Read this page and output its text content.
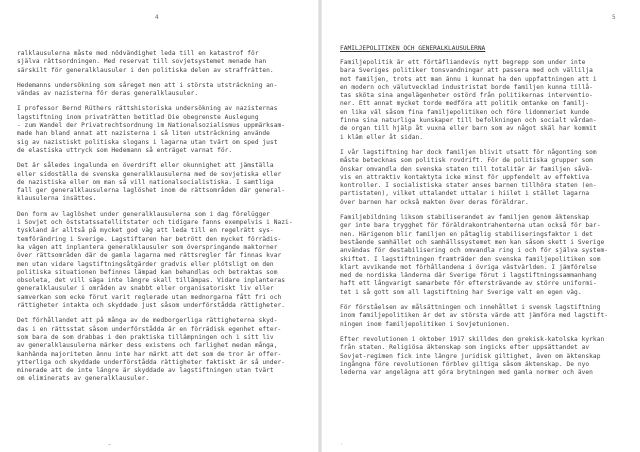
4
ralklausulerna måste med nödvändighet leda till en katastrof för
själva rättsordningen. Med reservat till sovjetsystemet menade han
särskilt för generalklausuler i den politiska delen av straffrätten.
Hedemanns undersökning som såreget men att i största utsträckning an-
vändas av nazisterna för deras generalklausuler.
I professor Bernd Rüthers rättshistoriska undersökning av nazisternas
lagstiftning inom privaträtten betitlad Die obegrenste Auslegung
- zum Wandel der Privatrechtsordnung im Nationalsozialismus uppmärksam-
made han bland annat att nazisterna i så liten utsträckning använde
sig av nazistiskt politiska slogans i lagarna utan tvärt om sped just
de elastiska uttryck som Hedemann så enträget varnat för.
Det är således ingalunda en överdrift eller okunnighet att jämställa
eller sidoställa de svenska generalklausulerna med de sovjetiska eller
de nazistiska eller om man så vill nationalsocialistiska. I samtliga
fall ger generalklausulerna laglöshet inom de rättsområden där general-
klausulerna insättes.
Den form av laglöshet under generalklausulerna som i dag förelügger
i Sovjet och öststatssatellitstater och tidigare fanns exempelvis i Nazi-
tyskland är alltså på mycket god väg att leda till en regelrätt sys-
temförändring i Sverige. Lagstiftaren har betrött den mycket förrädis-
ka vägen att inplantera generalklausuler som överspringande maktorner
över rättsområden där de gamla lagarna med rättsregler får finnas kvar
men utan vidare lagstiftningsåtgärder gradvis eller plötsligt om den
politiska situationen befinnes lämpad kan behandlas och betraktas som
obsoleta, det vill säga inte längre skall tillämpas. Vidare inplanteras
generalklausuler i områden av snabbt eller organisatoriskt liv eller
samverkan som ecke förut varit reglerade utan mednorgarna fått fri och
rättigheter intakta och skyddade just såsom underförstådda rättigheter.
Det förhållandet att på många av de medborgerliga rättigheterna skyd-
das i en rättsstat såsom underförstådda är en förrädisk egenhet efter-
som bara de som drabbas i den praktiska tillämpningen och i sitt liv
av generalklausulerna märker dess existens och farlighet medan många,
kanhända majoriteten ännu inte har märkt att det som de tror är offer-
ytterliga och skyddade underförstådda rättigheter faktiskt är så under-
minerade att de inte längre är skyddade av lagstiftningen utan tvärt
om eliminerats av generalklausuler.
—
5
FAMILJEPOLITIKEN OCH GENERALKLAUSULERNA
Familjepolitik är ett förtäfliandevis nytt begrepp som under inte
bara Sveriges politiker tonsvandningar att passera med och vällilja
mot familjen, trots att man ännu i kunnat ha den uppfattningen att i
en modern och välutvecklad industristat borde familjen kunna tillå-
tas sköta sina angelägenheter ostörd från politikernas interventio-
ner. Ett annat mycket torde medföra att politik omtanke om familj-
en lika väl såsom fina familjepolitiken och före lidomneriet kunde
finna sina naturliga kunskaper till befolkningen och socialt vårdan-
de organ till hjälp åt vuxna eller barn som av något skäl har kommit
i kläm eller åt sidan.
I vår lagstiftning har dock familjen blivit utsatt för någonting som
måste betecknas som politisk rovdrift. För de politiska grupper som
önskar omvandla den svenska staten till totalitär är familjen såvä-
vis en attraktiv kontaktyta icke minst för uppfendelt av effektiva
kontroller. I socialistiska stater anses barnen tillhöra staten (en-
partistaten), vilket uttalandet uttalar i hiilet i stället lagarna
över barnen har också makten över deras föräldrar.
Familjebildning liksom stabiliserandet av familjen genom äktenskap
ger inte bara trygghet för föräldrakontrahenterna utan också för bar-
nen. Härigenom blir familjen en påtaglig stabiliseringsfaktor i det
bestående samhället och samhällssystemet men kan såsom skett i Sverige
användas för destabilisering och omvandla ring i och för själva system-
skiftet. I lagstiftningen framträder den svenska familjepolitiken som
klart avvikande mot förhållandena i övriga västvärlden. I jämförelse
med de nordiska länderna där Sverige förut i lagstiftningssammanhang
haft ett långvarigt samarbete för eftersträvande av större uniformi-
tet i så gott som all lagstiftning har Sverige valt en egen väg.
För förståelsen av målsättningen och innehållet i svensk lagstiftning
inom familjepolitiken är det av största värde att jämföra med lagstift-
ningen inom familjepolitiken i Sovjetunionen.
Efter revolutionen i oktober 1917 skilldes den grekisk-katolska kyrkan
från staten. Religiösa äktenskap som ingicks efter uppsättandet av
Sovjet-regimen fick inte längre juridisk giltighet, även om äktenskap
ingångna före revolutionen förblev giltiga såsom äktenskap. De nyo
lederna var angelägna att göra brytningen med gamla normer och även
·
